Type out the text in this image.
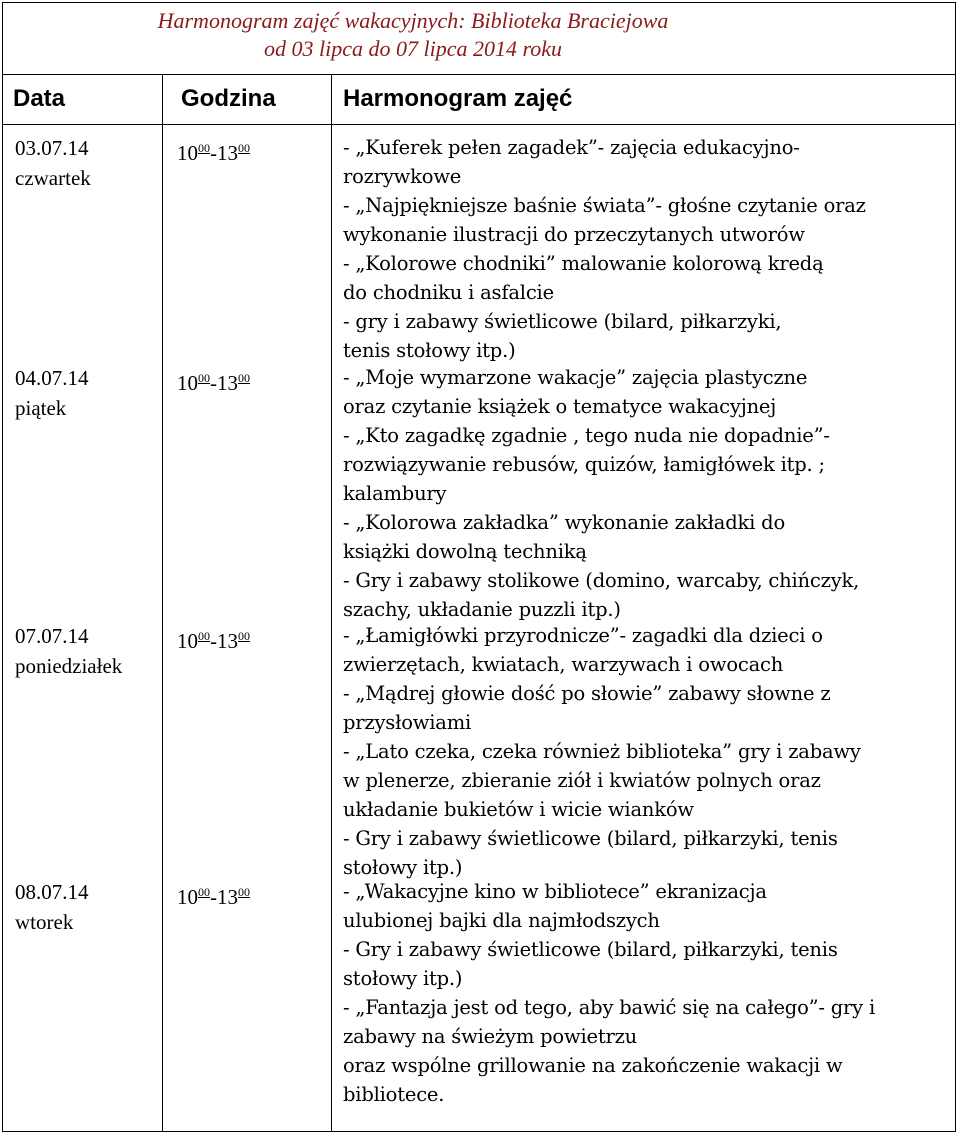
Harmonogram zajęć wakacyjnych: Biblioteka Braciejowa
od 03 lipca do 07 lipca 2014 roku
Data	Godzina	Harmonogram zajęć
03.07.14
czwartek
$10^{00}-13^{00}$	- „Kuferek pełen zagadek”- zajęcia edukacyjno-
rozrywkowe
- „Najpiękniejsze baśnie świata”- głośne czytanie oraz
wykonanie ilustracji do przeczytanych utworów
- „Kolorowe chodniki” malowanie kolorową kredą
do chodniku i asfalcie
- gry i zabawy świetlicowe (bilard, piłkarzyki,
tenis stołowy itp.)
04.07.14
piątek
$10^{00}-13^{00}$	- „Moje wymarzone wakacje” zajęcia plastyczne
oraz czytanie książek o tematyce wakacyjnej
- „Kto zagadkę zgadnie , tego nuda nie dopadnie”-
rozwiązywanie rebusów, quizów, łamigłówek itp. ;
kalambury
- „Kolorowa zakładka” wykonanie zakładki do
książki dowolną techniką
- Gry i zabawy stolikowe (domino, warcaby, chińczyk,
szachy, układanie puzzli itp.)
07.07.14
poniedziałek
$10^{00}-13^{00}$	- „Łamigłówki przyrodnicze”- zagadki dla dzieci o
zwierzętach, kwiatach, warzywach i owocach
- „Mądrej głowie dość po słowie” zabawy słowne z
przysłowiami
- „Lato czeka, czeka również biblioteka” gry i zabawy
w plenerze, zbieranie ziół i kwiatów polnych oraz
układanie bukietów i wicie wianków
- Gry i zabawy świetlicowe (bilard, piłkarzyki, tenis
stołowy itp.)
08.07.14
wtorek
$10^{00}-13^{00}$	- „Wakacyjne kino w bibliotece” ekranizacja
ulubionej bajki dla najmłodszych
- Gry i zabawy świetlicowe (bilard, piłkarzyki, tenis
stołowy itp.)
- „Fantazja jest od tego, aby bawić się na całego”- gry i
zabawy na świeżym powietrzu
oraz wspólne grillowanie na zakończenie wakacji w
bibliotece.
